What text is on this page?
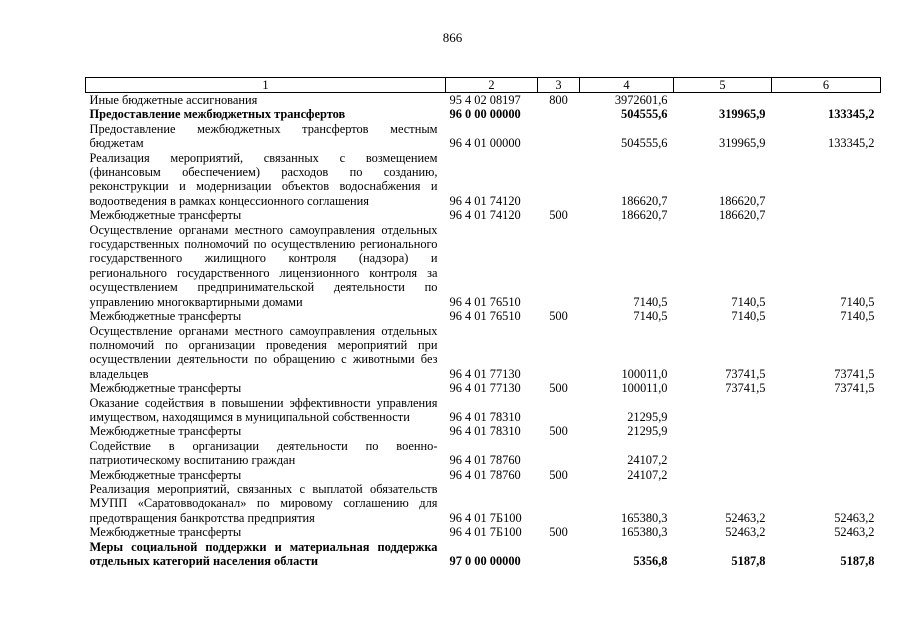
866
1	2	3	4	5	6
Иные бюджетные ассигнования	95 4 02 08197	800	3972601,6		
Предоставление межбюджетных трансфертов	96 0 00 00000		504555,6	319965,9	133345,2
Предоставление межбюджетных трансфертов местным бюджетам	96 4 01 00000		504555,6	319965,9	133345,2
Реализация мероприятий, связанных с возмещением (финансовым обеспечением) расходов по созданию, реконструкции и модернизации объектов водоснабжения и водоотведения в рамках концессионного соглашения	96 4 01 74120		186620,7	186620,7	
Межбюджетные трансферты	96 4 01 74120	500	186620,7	186620,7	
Осуществление органами местного самоуправления отдельных государственных полномочий по осуществлению регионального государственного жилищного контроля (надзора) и регионального государственного лицензионного контроля за осуществлением предпринимательской деятельности по управлению многоквартирными домами	96 4 01 76510		7140,5	7140,5	7140,5
Межбюджетные трансферты	96 4 01 76510	500	7140,5	7140,5	7140,5
Осуществление органами местного самоуправления отдельных полномочий по организации проведения мероприятий при осуществлении деятельности по обращению с животными без владельцев	96 4 01 77130		100011,0	73741,5	73741,5
Межбюджетные трансферты	96 4 01 77130	500	100011,0	73741,5	73741,5
Оказание содействия в повышении эффективности управления имуществом, находящимся в муниципальной собственности	96 4 01 78310		21295,9		
Межбюджетные трансферты	96 4 01 78310	500	21295,9		
Содействие в организации деятельности по военно-патриотическому воспитанию граждан	96 4 01 78760		24107,2		
Межбюджетные трансферты	96 4 01 78760	500	24107,2		
Реализация мероприятий, связанных с выплатой обязательств МУПП «Саратовводоканал» по мировому соглашению для предотвращения банкротства предприятия	96 4 01 7Б100		165380,3	52463,2	52463,2
Межбюджетные трансферты	96 4 01 7Б100	500	165380,3	52463,2	52463,2
Меры социальной поддержки и материальная поддержка отдельных категорий населения области	97 0 00 00000		5356,8	5187,8	5187,8
